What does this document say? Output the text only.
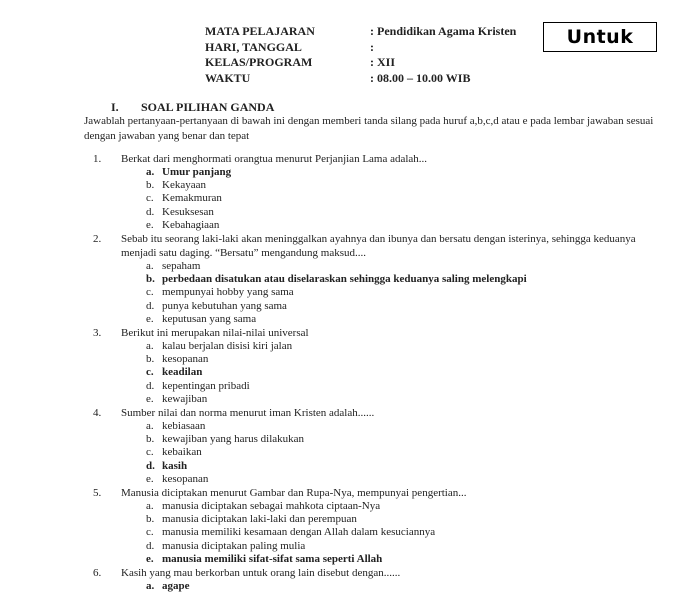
MATA PELAJARAN	: Pendidikan Agama Kristen
HARI, TANGGAL	:
KELAS/PROGRAM	: XII
WAKTU	: 08.00 – 10.00 WIB
Untuk
I.	SOAL PILIHAN GANDA
Jawablah pertanyaan-pertanyaan di bawah ini dengan memberi tanda silang pada huruf a,b,c,d atau e pada lembar jawaban sesuai dengan jawaban yang benar dan tepat
1.	Berkat dari menghormati orangtua menurut Perjanjian Lama adalah...
a. Umur panjang
b. Kekayaan
c. Kemakmuran
d. Kesuksesan
e. Kebahagiaan
2.	Sebab itu seorang laki-laki akan meninggalkan ayahnya dan ibunya dan bersatu dengan isterinya, sehingga keduanya menjadi satu daging. “Bersatu” mengandung maksud....
a. sepaham
b. perbedaan disatukan atau diselaraskan sehingga keduanya saling melengkapi
c. mempunyai hobby yang sama
d. punya kebutuhan yang sama
e. keputusan yang sama
3.	Berikut ini merupakan nilai-nilai universal
a. kalau berjalan disisi kiri jalan
b. kesopanan
c. keadilan
d. kepentingan pribadi
e. kewajiban
4.	Sumber nilai dan norma menurut iman Kristen adalah......
a. kebiasaan
b. kewajiban yang harus dilakukan
c. kebaikan
d. kasih
e. kesopanan
5.	Manusia diciptakan menurut Gambar dan Rupa-Nya, mempunyai pengertian...
a. manusia diciptakan sebagai mahkota ciptaan-Nya
b. manusia diciptakan laki-laki dan perempuan
c. manusia memiliki kesamaan dengan Allah dalam kesuciannya
d. manusia diciptakan paling mulia
e. manusia memiliki sifat-sifat sama seperti Allah
6.	Kasih yang mau berkorban untuk orang lain disebut dengan......
a. agape
